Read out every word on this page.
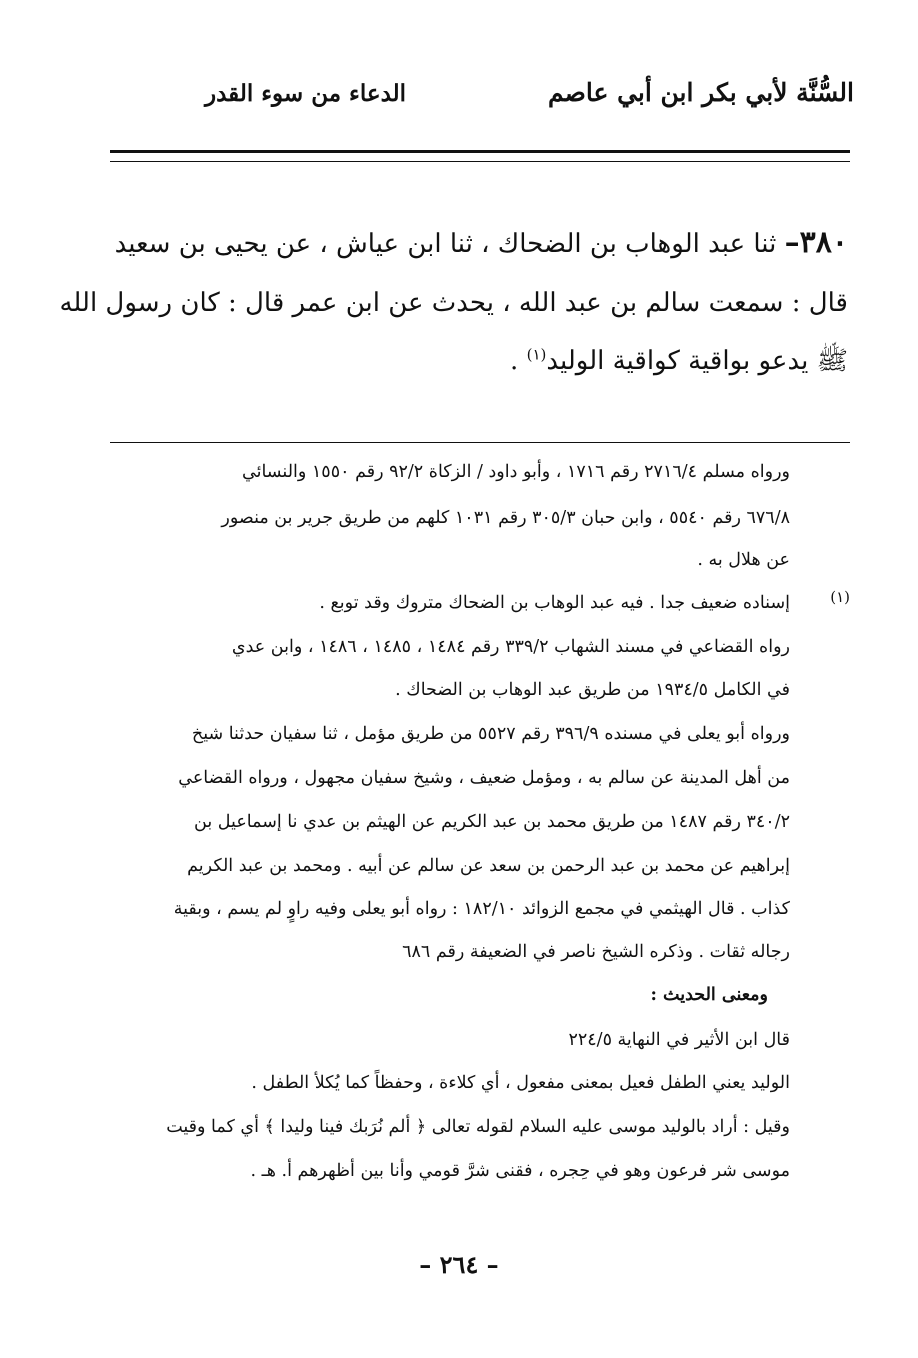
السُّنَّة لأبي بكر ابن أبي عاصم
الدعاء من سوء القدر
٣٨٠– ثنا عبد الوهاب بن الضحاك ، ثنا ابن عياش ، عن يحيى بن سعيد
قال : سمعت سالم بن عبد الله ، يحدث عن ابن عمر قال : كان رسول الله
ﷺ يدعو بواقية كواقية الوليد$^{(١)}$ .
(١)
ورواه مسلم ٢٧١٦/٤ رقم ١٧١٦ ، وأبو داود / الزكاة ٩٢/٢ رقم ١٥٥٠ والنسائي
٦٧٦/٨ رقم ٥٥٤٠ ، وابن حبان ٣٠٥/٣ رقم ١٠٣١ كلهم من طريق جرير بن منصور
عن هلال به .
إسناده ضعيف جدا . فيه عبد الوهاب بن الضحاك متروك وقد توبع .
رواه القضاعي في مسند الشهاب ٣٣٩/٢ رقم ١٤٨٤ ، ١٤٨٥ ، ١٤٨٦ ، وابن عدي
في الكامل ١٩٣٤/٥ من طريق عبد الوهاب بن الضحاك .
ورواه أبو يعلى في مسنده ٣٩٦/٩ رقم ٥٥٢٧ من طريق مؤمل ، ثنا سفيان حدثنا شيخ
من أهل المدينة عن سالم به ، ومؤمل ضعيف ، وشيخ سفيان مجهول ، ورواه القضاعي
٣٤٠/٢ رقم ١٤٨٧ من طريق محمد بن عبد الكريم عن الهيثم بن عدي نا إسماعيل بن
إبراهيم عن محمد بن عبد الرحمن بن سعد عن سالم عن أبيه . ومحمد بن عبد الكريم
كذاب . قال الهيثمي في مجمع الزوائد ١٨٢/١٠ : رواه أبو يعلى وفيه راوٍ لم يسم ، وبقية
رجاله ثقات . وذكره الشيخ ناصر في الضعيفة رقم ٦٨٦
ومعنى الحديث :
قال ابن الأثير في النهاية ٢٢٤/٥
الوليد يعني الطفل فعيل بمعنى مفعول ، أي كلاءة ، وحفظاً كما يُكلأ الطفل .
وقيل : أراد بالوليد موسى عليه السلام لقوله تعالى ﴿ ألم نُرَبك فينا وليدا ﴾ أي كما وقيت
موسى شر فرعون وهو في حِجره ، فقنى شرَّ قومي وأنا بين أظهرهم أ. هـ .
– ٢٦٤ –
